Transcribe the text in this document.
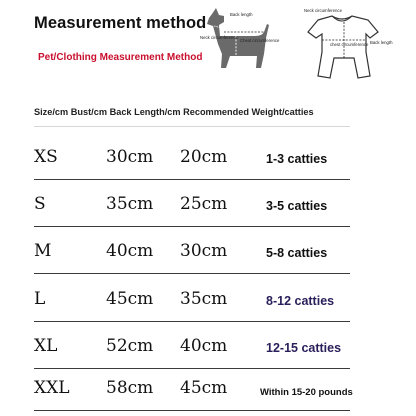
Measurement method
Pet/Clothing Measurement Method
Back length
Chest circumference
Neck circumference
Neck circumference
chest circumference Back length
Size/cm Bust/cm Back Length/cm Recommended Weight/catties
XS	30cm 20cm	1-3 catties
S	35cm 25cm	3-5 catties
M	40cm 30cm	5-8 catties
L	45cm 35cm	8-12 catties
XL	52cm 40cm	12-15 catties
XXL 58cm 45cm	Within 15-20 pounds
